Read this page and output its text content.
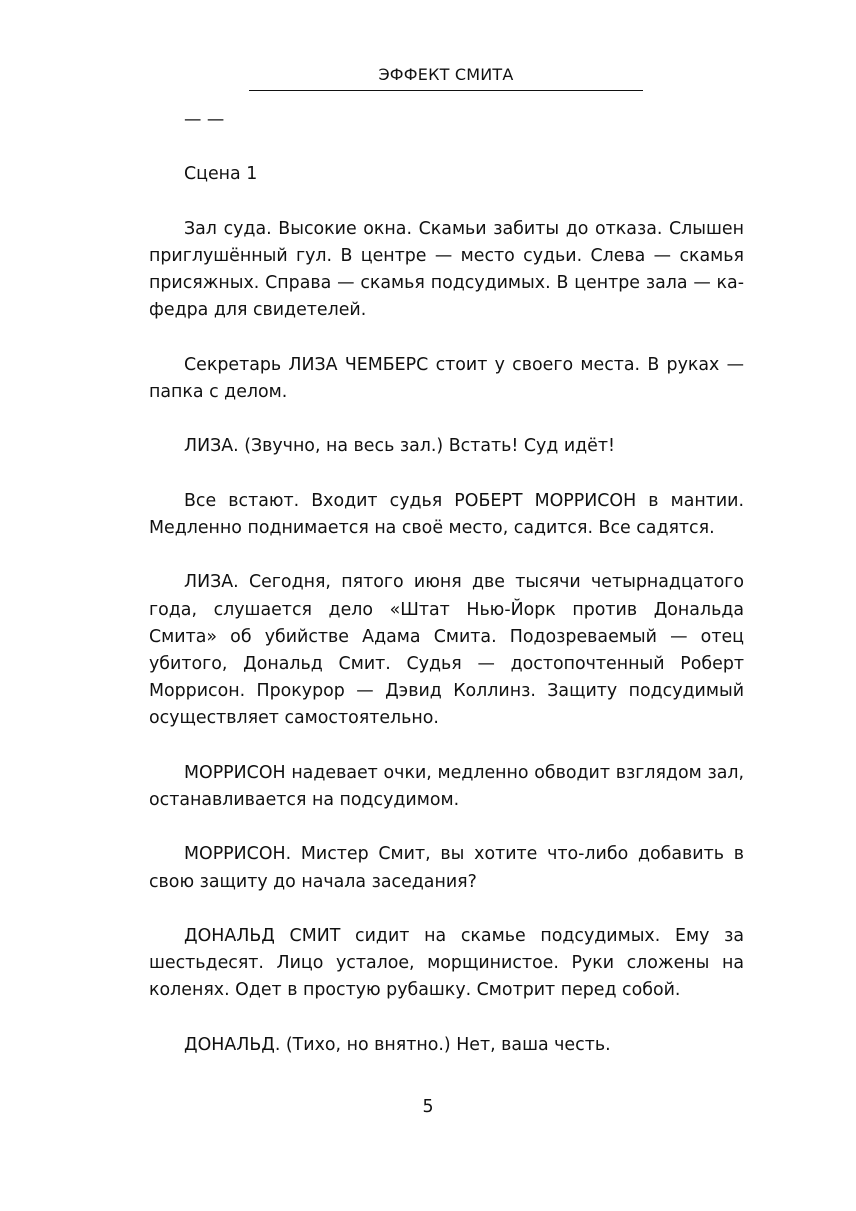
ЭФФЕКТ СМИТА

— —

Сцена 1

Зал суда. Высокие окна. Скамьи забиты до отказа. Слышен приглушённый гул. В центре — место судьи. Слева — скамья присяжных. Справа — скамья подсудимых. В центре зала — кафедра для свидетелей.

Секретарь ЛИЗА ЧЕМБЕРС стоит у своего места. В руках — папка с делом.

ЛИЗА. (Звучно, на весь зал.) Встать! Суд идёт!

Все встают. Входит судья РОБЕРТ МОРРИСОН в мантии. Медленно поднимается на своё место, садится. Все садятся.

ЛИЗА. Сегодня, пятого июня две тысячи четырнадцатого года, слушается дело «Штат Нью-Йорк против Дональда Смита» об убийстве Адама Смита. Подозреваемый — отец убитого, Дональд Смит. Судья — достопочтенный Роберт Моррисон. Прокурор — Дэвид Коллинз. Защиту подсудимый осуществляет самостоятельно.

МОРРИСОН надевает очки, медленно обводит взглядом зал, останавливается на подсудимом.

МОРРИСОН. Мистер Смит, вы хотите что-либо добавить в свою защиту до начала заседания?

ДОНАЛЬД СМИТ сидит на скамье подсудимых. Ему за шестьдесят. Лицо усталое, морщинистое. Руки сложены на коленях. Одет в простую рубашку. Смотрит перед собой.

ДОНАЛЬД. (Тихо, но внятно.) Нет, ваша честь.

5
